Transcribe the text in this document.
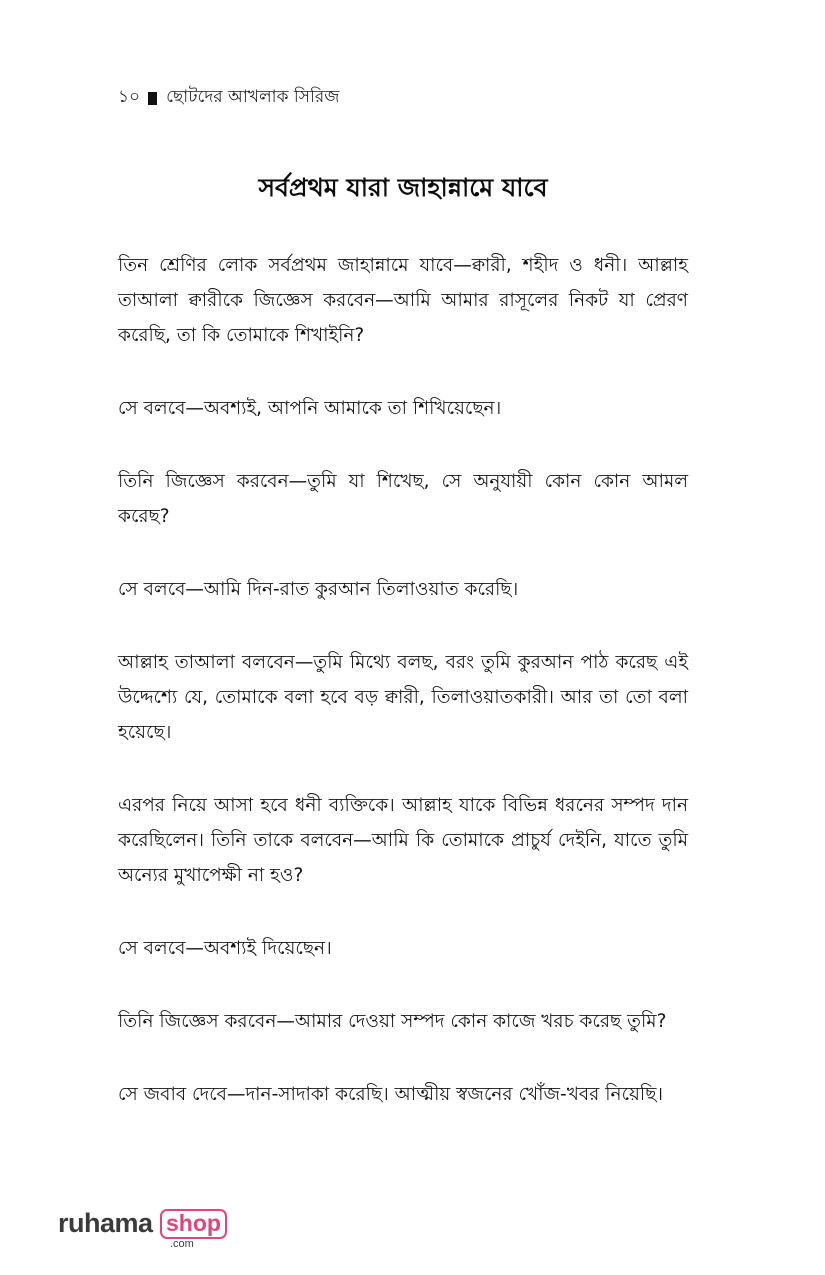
১০ ছোটদের আখলাক সিরিজ
সর্বপ্রথম যারা জাহান্নামে যাবে

তিন শ্রেণির লোক সর্বপ্রথম জাহান্নামে যাবে—ক্বারী, শহীদ ও ধনী। আল্লাহ তাআলা ক্বারীকে জিজ্ঞেস করবেন—আমি আমার রাসূলের নিকট যা প্রেরণ করেছি, তা কি তোমাকে শিখাইনি?

সে বলবে—অবশ্যই, আপনি আমাকে তা শিখিয়েছেন।

তিনি জিজ্ঞেস করবেন—তুমি যা শিখেছ, সে অনুযায়ী কোন কোন আমল করেছ?

সে বলবে—আমি দিন-রাত কুরআন তিলাওয়াত করেছি।

আল্লাহ তাআলা বলবেন—তুমি মিথ্যে বলছ, বরং তুমি কুরআন পাঠ করেছ এই উদ্দেশ্যে যে, তোমাকে বলা হবে বড় ক্বারী, তিলাওয়াতকারী। আর তা তো বলা হয়েছে।

এরপর নিয়ে আসা হবে ধনী ব্যক্তিকে। আল্লাহ যাকে বিভিন্ন ধরনের সম্পদ দান করেছিলেন। তিনি তাকে বলবেন—আমি কি তোমাকে প্রাচুর্য দেইনি, যাতে তুমি অন্যের মুখাপেক্ষী না হও?

সে বলবে—অবশ্যই দিয়েছেন।

তিনি জিজ্ঞেস করবেন—আমার দেওয়া সম্পদ কোন কাজে খরচ করেছ তুমি?

সে জবাব দেবে—দান-সাদাকা করেছি। আত্মীয় স্বজনের খোঁজ-খবর নিয়েছি।

ruhama shop
.com
